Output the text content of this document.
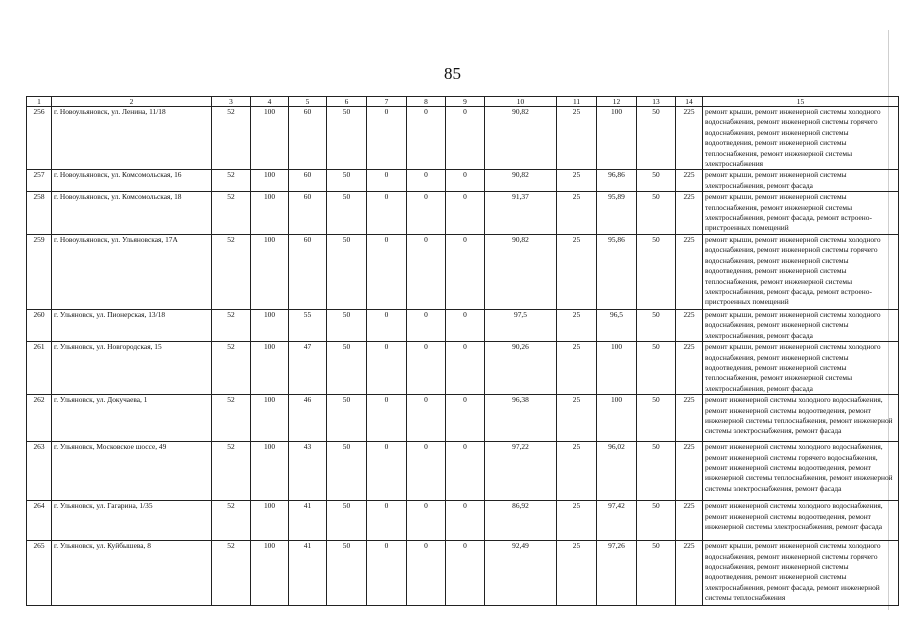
85
1	2	3	4	5	6	7	8	9	10	11	12	13	14	15
256	г. Новоульяновск, ул. Ленина, 11/18	52	100	60	50	0	0	0	90,82	25	100	50	225	ремонт крыши, ремонт инженерной системы холодного водоснабжения, ремонт инженерной системы горячего водоснабжения, ремонт инженерной системы водоотведения, ремонт инженерной системы теплоснабжения, ремонт инженерной системы электроснабжения
257	г. Новоульяновск, ул. Комсомольская, 16	52	100	60	50	0	0	0	90,82	25	96,86	50	225	ремонт крыши, ремонт инженерной системы электроснабжения, ремонт фасада
258	г. Новоульяновск, ул. Комсомольская, 18	52	100	60	50	0	0	0	91,37	25	95,89	50	225	ремонт крыши, ремонт инженерной системы теплоснабжения, ремонт инженерной системы электроснабжения, ремонт фасада, ремонт встроено-пристроенных помещений
259	г. Новоульяновск, ул. Ульяновская, 17А	52	100	60	50	0	0	0	90,82	25	95,86	50	225	ремонт крыши, ремонт инженерной системы холодного водоснабжения, ремонт инженерной системы горячего водоснабжения, ремонт инженерной системы водоотведения, ремонт инженерной системы теплоснабжения, ремонт инженерной системы электроснабжения, ремонт фасада, ремонт встроено-пристроенных помещений
260	г. Ульяновск, ул. Пионерская, 13/18	52	100	55	50	0	0	0	97,5	25	96,5	50	225	ремонт крыши, ремонт инженерной системы холодного водоснабжения, ремонт инженерной системы электроснабжения, ремонт фасада
261	г. Ульяновск, ул. Новгородская, 15	52	100	47	50	0	0	0	90,26	25	100	50	225	ремонт крыши, ремонт инженерной системы холодного водоснабжения, ремонт инженерной системы водоотведения, ремонт инженерной системы теплоснабжения, ремонт инженерной системы электроснабжения, ремонт фасада
262	г. Ульяновск, ул. Докучаева, 1	52	100	46	50	0	0	0	96,38	25	100	50	225	ремонт инженерной системы холодного водоснабжения, ремонт инженерной системы водоотведения, ремонт инженерной системы теплоснабжения, ремонт инженерной системы электроснабжения, ремонт фасада
263	г. Ульяновск, Московское шоссе, 49	52	100	43	50	0	0	0	97,22	25	96,02	50	225	ремонт инженерной системы холодного водоснабжения, ремонт инженерной системы горячего водоснабжения, ремонт инженерной системы водоотведения, ремонт инженерной системы теплоснабжения, ремонт инженерной системы электроснабжения, ремонт фасада
264	г. Ульяновск, ул. Гагарина, 1/35	52	100	41	50	0	0	0	86,92	25	97,42	50	225	ремонт инженерной системы холодного водоснабжения, ремонт инженерной системы водоотведения, ремонт инженерной системы электроснабжения, ремонт фасада
265	г. Ульяновск, ул. Куйбышева, 8	52	100	41	50	0	0	0	92,49	25	97,26	50	225	ремонт крыши, ремонт инженерной системы холодного водоснабжения, ремонт инженерной системы горячего водоснабжения, ремонт инженерной системы водоотведения, ремонт инженерной системы электроснабжения, ремонт фасада, ремонт инженерной системы теплоснабжения
